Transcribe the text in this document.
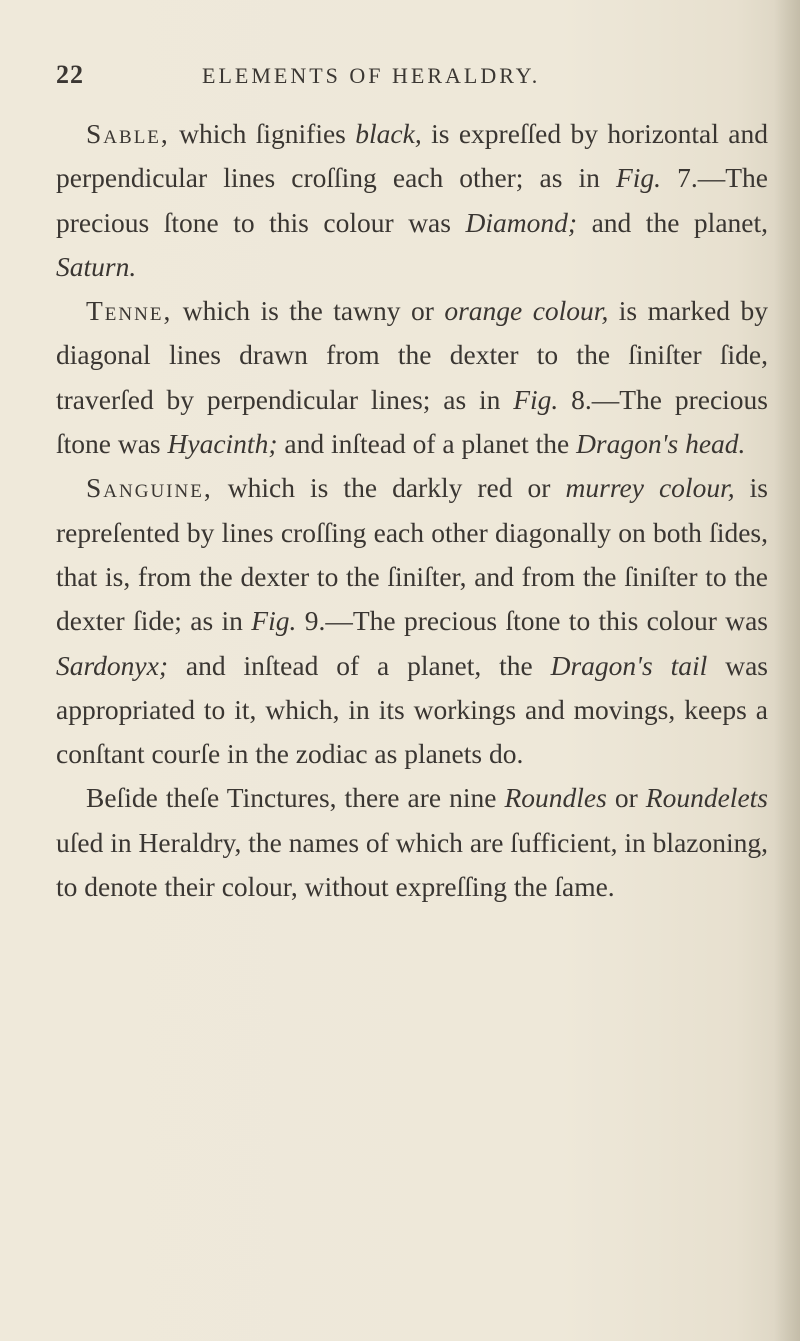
22	ELEMENTS OF HERALDRY.

Sable, which ſignifies black, is expreſſed by horizontal and perpendicular lines croſſing each other; as in Fig. 7.—The precious ſtone to this colour was Diamond; and the planet, Saturn.

Tenne, which is the tawny or orange colour, is marked by diagonal lines drawn from the dexter to the ſiniſter ſide, traverſed by perpendicular lines; as in Fig. 8.—The precious ſtone was Hyacinth; and inſtead of a planet the Dragon's head.

Sanguine, which is the darkly red or murrey colour, is repreſented by lines croſſing each other diagonally on both ſides, that is, from the dexter to the ſiniſter, and from the ſiniſter to the dexter ſide; as in Fig. 9.—The precious ſtone to this colour was Sardonyx; and inſtead of a planet, the Dragon's tail was appropriated to it, which, in its workings and movings, keeps a conſtant courſe in the zodiac as planets do.

Beſide theſe Tinctures, there are nine Roundles or Roundelets uſed in Heraldry, the names of which are ſufficient, in blazoning, to denote their colour, without expreſſing the ſame.
